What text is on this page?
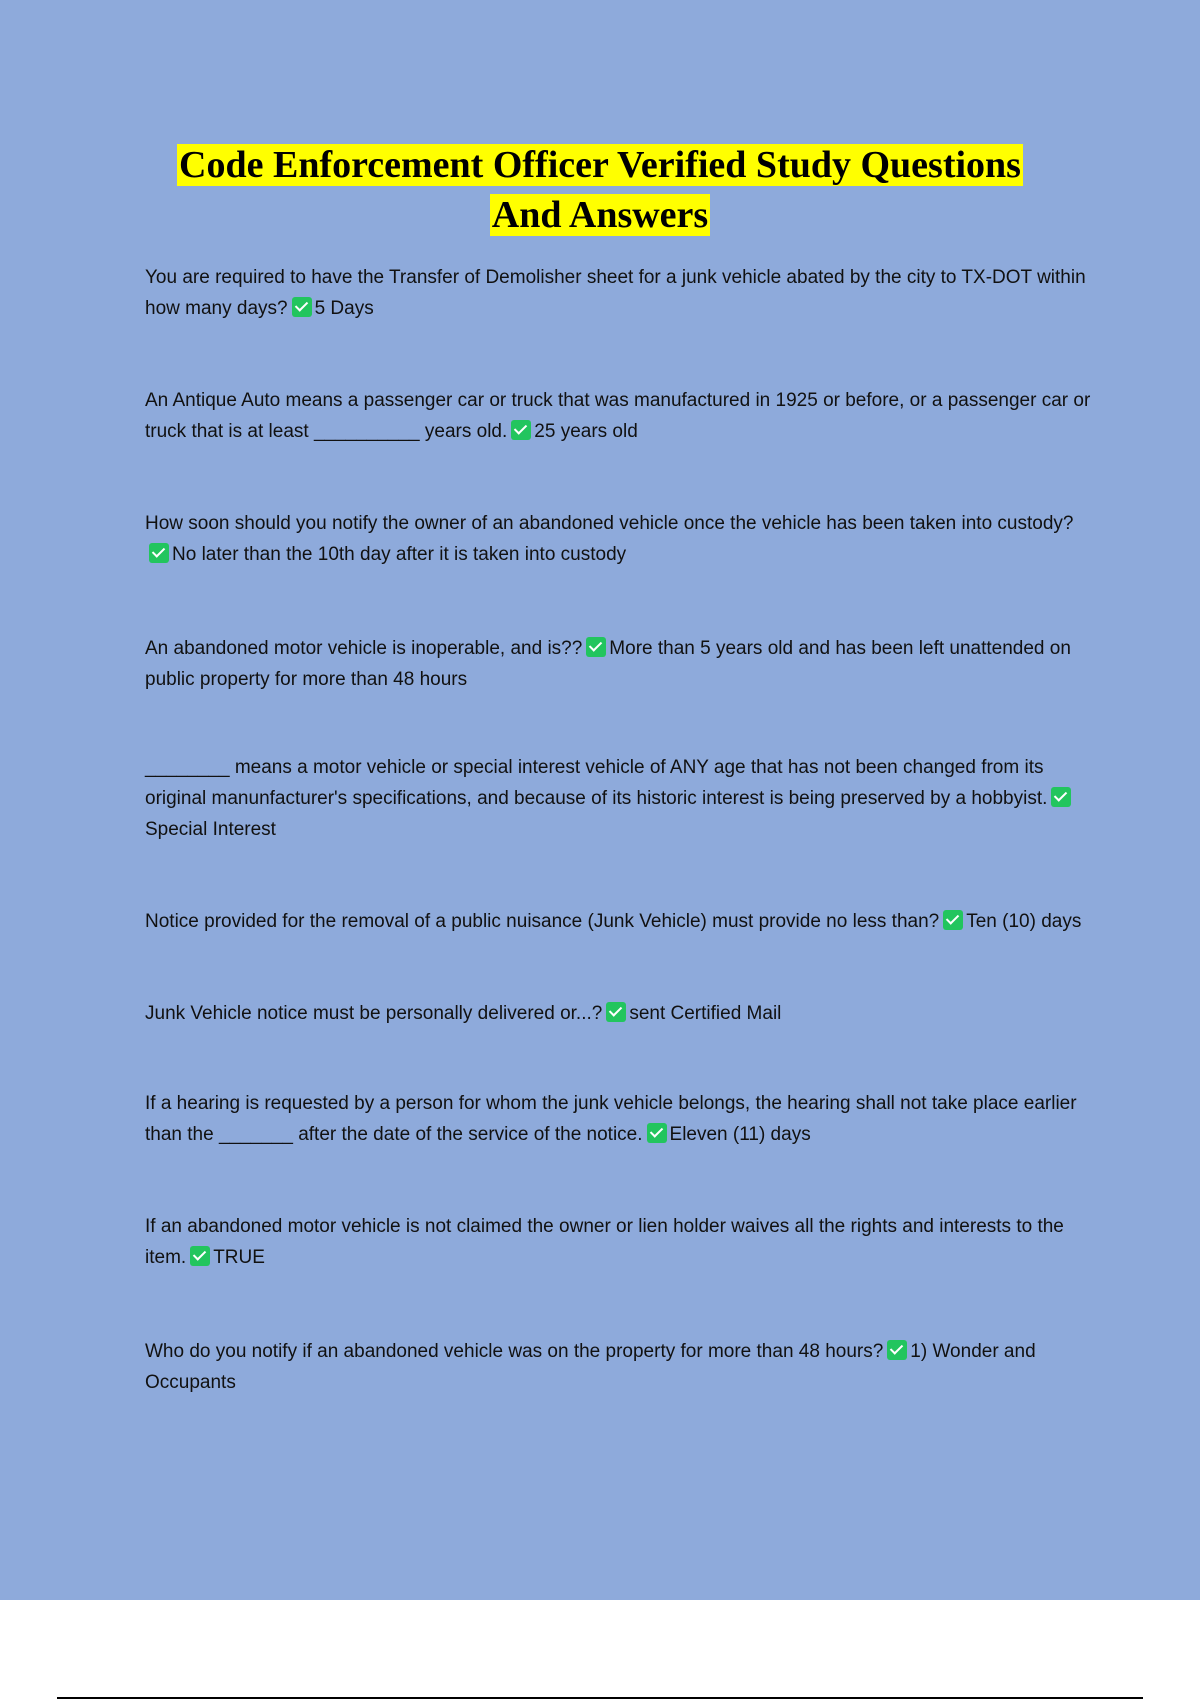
Code Enforcement Officer Verified Study Questions
And Answers

You are required to have the Transfer of Demolisher sheet for a junk vehicle abated by the city to TX-DOT within how many days? 5 Days

An Antique Auto means a passenger car or truck that was manufactured in 1925 or before, or a passenger car or truck that is at least __________ years old. 25 years old

How soon should you notify the owner of an abandoned vehicle once the vehicle has been taken into custody?No later than the 10th day after it is taken into custody

An abandoned motor vehicle is inoperable, and is?? More than 5 years old and has been left unattended on public property for more than 48 hours

________ means a motor vehicle or special interest vehicle of ANY age that has not been changed from its original manunfacturer's specifications, and because of its historic interest is being preserved by a hobbyist.Special Interest

Notice provided for the removal of a public nuisance (Junk Vehicle) must provide no less than? Ten (10) days

Junk Vehicle notice must be personally delivered or...? sent Certified Mail

If a hearing is requested by a person for whom the junk vehicle belongs, the hearing shall not take place earlier than the _______ after the date of the service of the notice. Eleven (11) days

If an abandoned motor vehicle is not claimed the owner or lien holder waives all the rights and interests to the item. TRUE

Who do you notify if an abandoned vehicle was on the property for more than 48 hours? 1) Wonder and Occupants
